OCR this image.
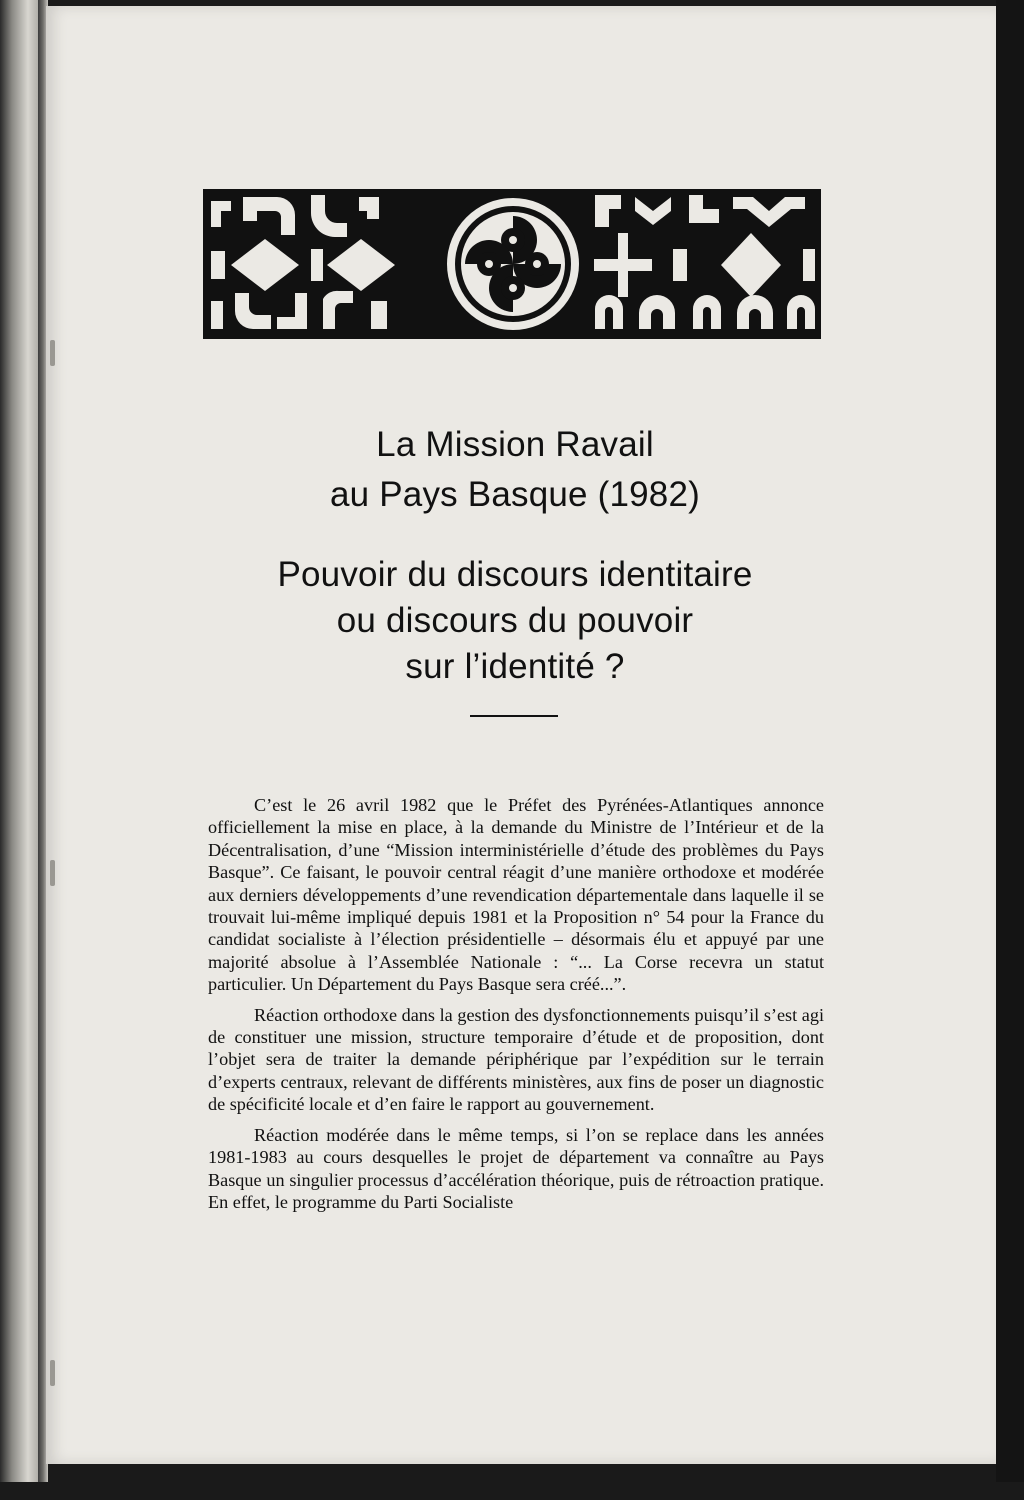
La Mission Ravail
au Pays Basque (1982)
Pouvoir du discours identitaire
ou discours du pouvoir
sur l’identité ?

C’est le 26 avril 1982 que le Préfet des Pyrénées-Atlantiques annonce officiellement la mise en place, à la demande du Ministre de l’Intérieur et de la Décentralisation, d’une “Mission interministérielle d’étude des problèmes du Pays Basque”. Ce faisant, le pouvoir central réagit d’une manière orthodoxe et modérée aux derniers développements d’une revendication départementale dans laquelle il se trouvait lui-même impliqué depuis 1981 et la Proposition n° 54 pour la France du candidat socialiste à l’élection présidentielle – désormais élu et appuyé par une majorité absolue à l’Assemblée Nationale : “... La Corse recevra un statut particulier. Un Département du Pays Basque sera créé...”.

Réaction orthodoxe dans la gestion des dysfonctionnements puisqu’il s’est agi de constituer une mission, structure temporaire d’étude et de proposition, dont l’objet sera de traiter la demande périphérique par l’expédition sur le terrain d’experts centraux, relevant de différents ministères, aux fins de poser un diagnostic de spécificité locale et d’en faire le rapport au gouvernement.

Réaction modérée dans le même temps, si l’on se replace dans les années 1981-1983 au cours desquelles le projet de département va connaître au Pays Basque un singulier processus d’accélération théorique, puis de rétroaction pratique. En effet, le programme du Parti Socialiste
